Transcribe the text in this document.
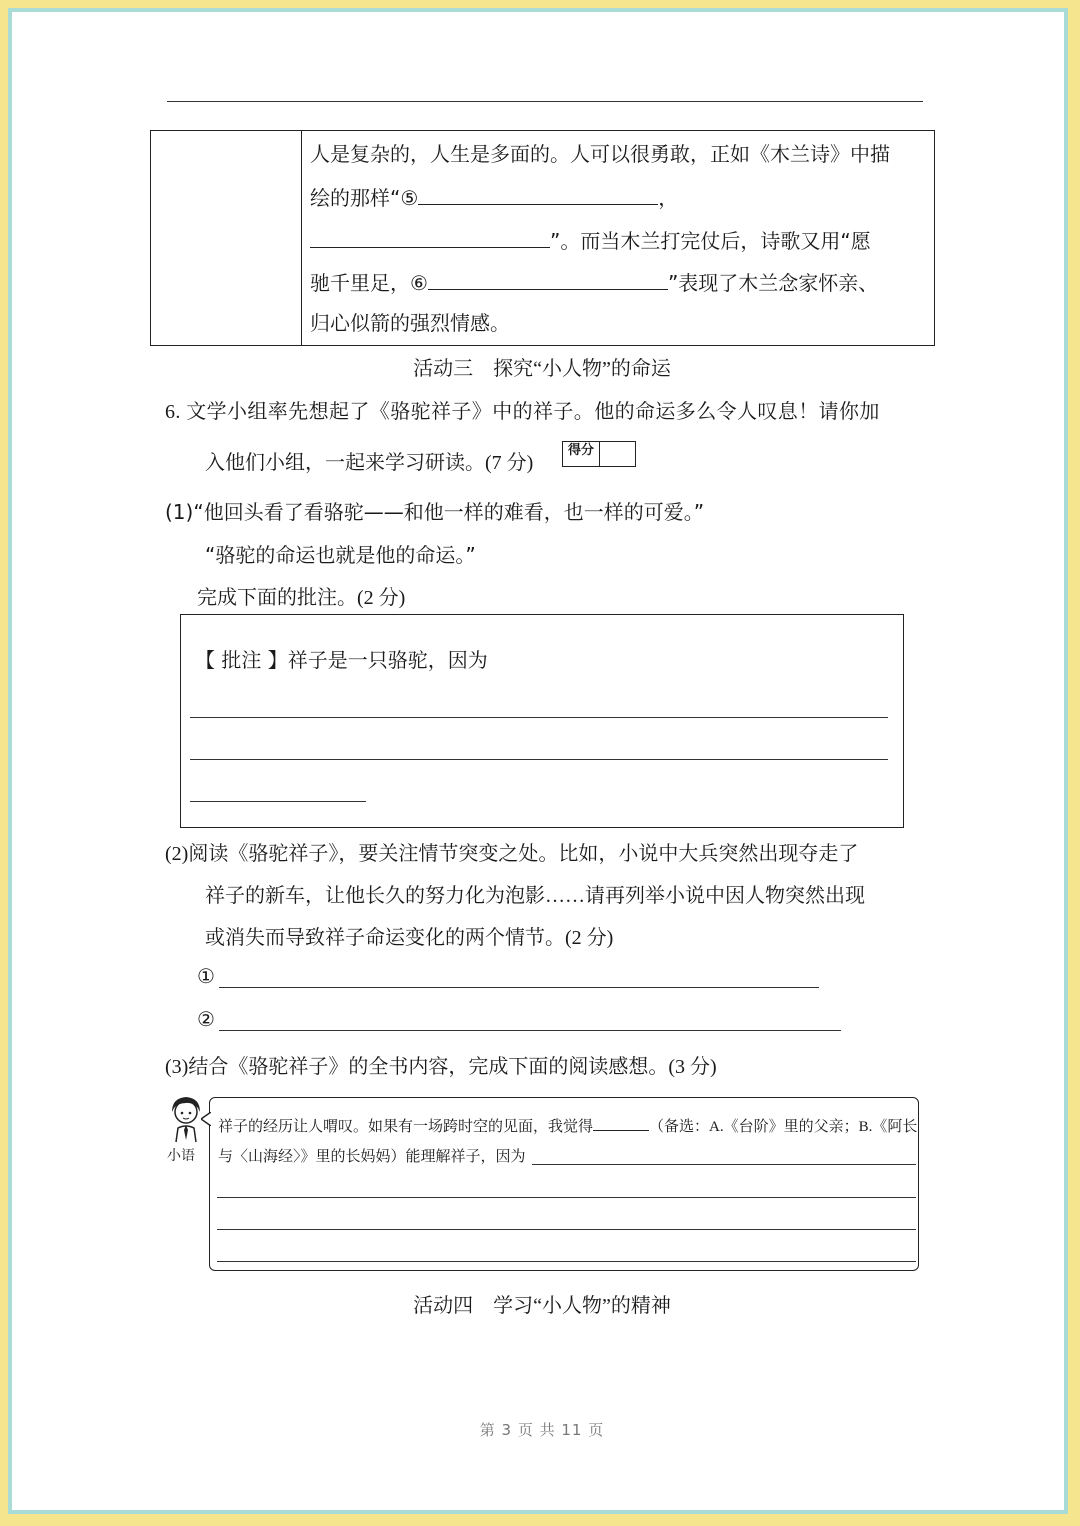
人是复杂的，人生是多面的。人可以很勇敢，正如《木兰诗》中描
绘的那样“⑤	，
”。而当木兰打完仗后，诗歌又用“愿
驰千里足，⑥	”表现了木兰念家怀亲、
归心似箭的强烈情感。
活动三　探究“小人物”的命运
6. 文学小组率先想起了《骆驼祥子》中的祥子。他的命运多么令人叹息！请你加
入他们小组，一起来学习研读。(7 分)
得分
(1)“他回头看了看骆驼——和他一样的难看，也一样的可爱。”
“骆驼的命运也就是他的命运。”
完成下面的批注。(2 分)
【 批注 】祥子是一只骆驼，因为
(2)阅读《骆驼祥子》，要关注情节突变之处。比如，小说中大兵突然出现夺走了
祥子的新车，让他长久的努力化为泡影……请再列举小说中因人物突然出现
或消失而导致祥子命运变化的两个情节。(2 分)
①
②
(3)结合《骆驼祥子》的全书内容，完成下面的阅读感想。(3 分)
小语
祥子的经历让人喟叹。如果有一场跨时空的见面，我觉得	（备选：A.《台阶》里的父亲；B.《阿长
与〈山海经〉》里的长妈妈）能理解祥子，因为
活动四　学习“小人物”的精神
第 3 页 共 11 页
